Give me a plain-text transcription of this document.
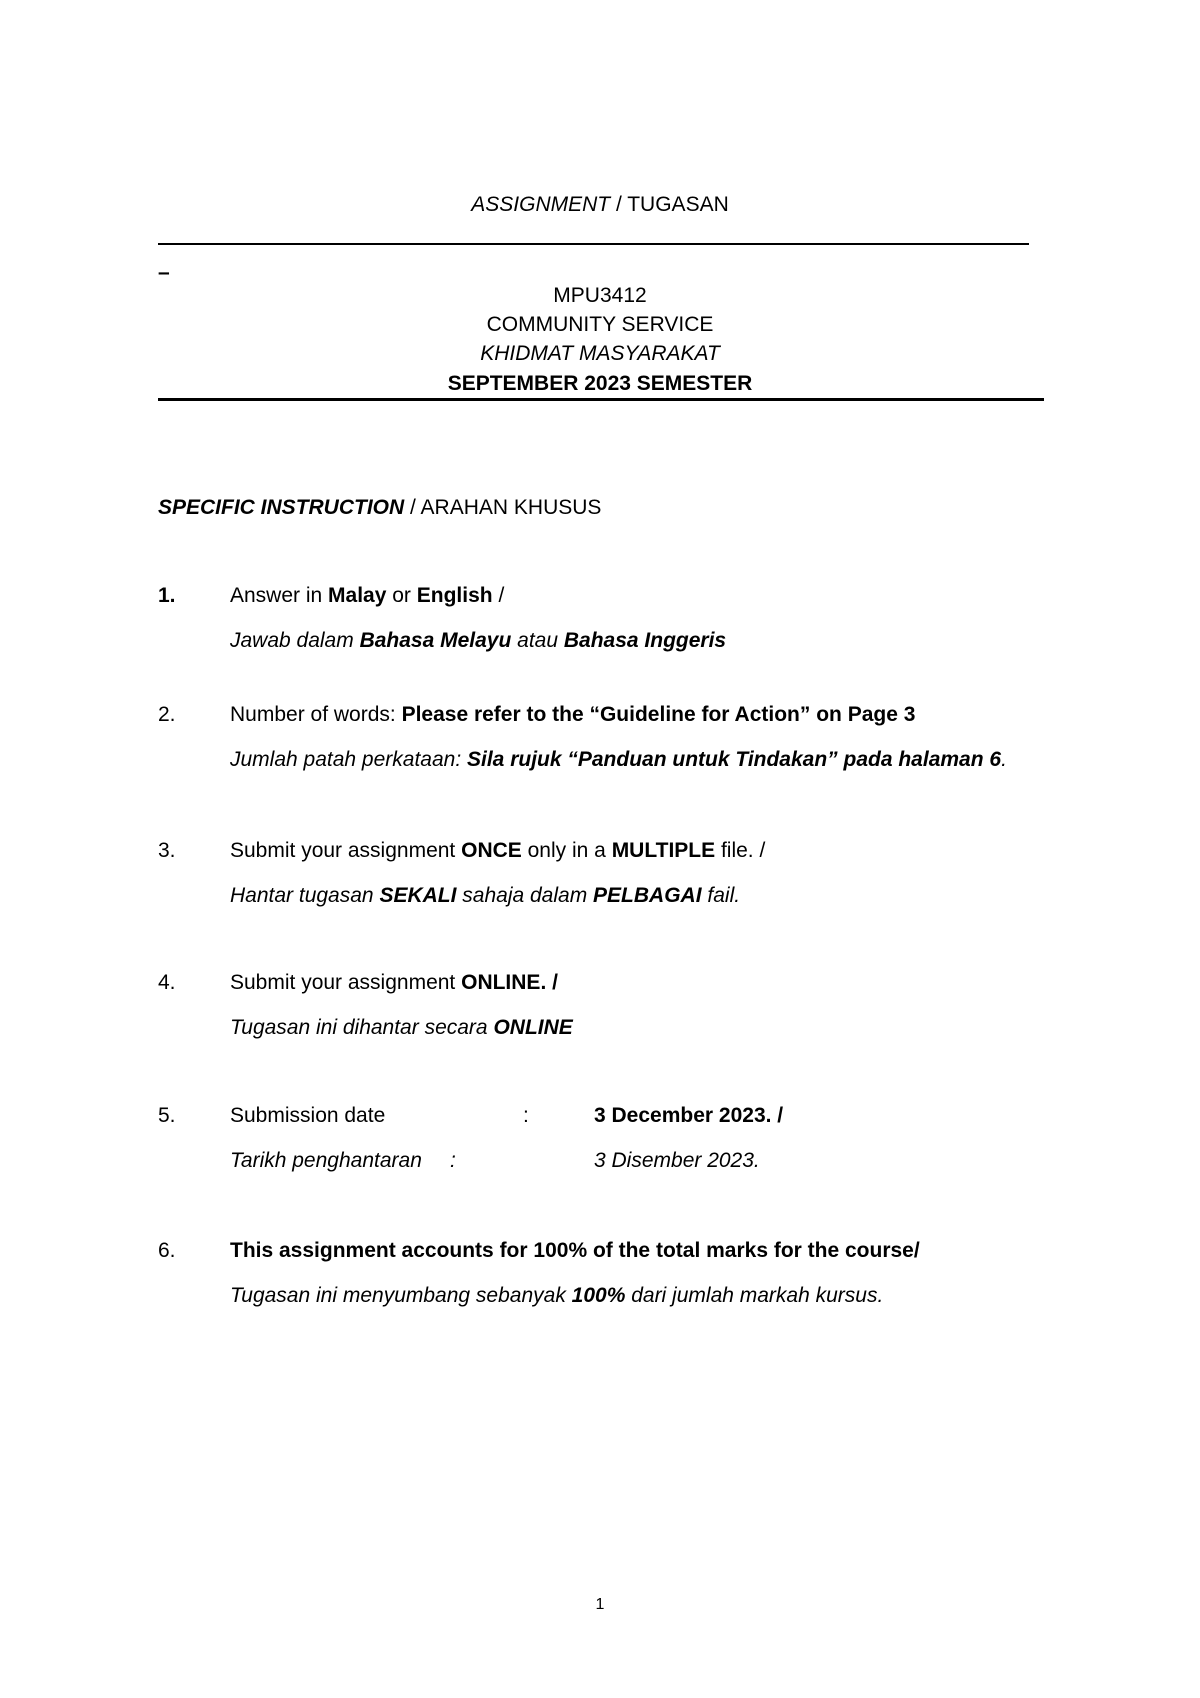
ASSIGNMENT / TUGASAN
–
MPU3412
COMMUNITY SERVICE
KHIDMAT MASYARAKAT
SEPTEMBER 2023 SEMESTER
SPECIFIC INSTRUCTION / ARAHAN KHUSUS
1.	Answer in Malay or English /
Jawab dalam Bahasa Melayu atau Bahasa Inggeris
2.	Number of words: Please refer to the “Guideline for Action” on Page 3
Jumlah patah perkataan: Sila rujuk “Panduan untuk Tindakan” pada halaman 6.
3.	Submit your assignment ONCE only in a MULTIPLE file. /
Hantar tugasan SEKALI sahaja dalam PELBAGAI fail.
4.	Submit your assignment ONLINE. /
Tugasan ini dihantar secara ONLINE
5.	Submission date	:	3 December 2023. /
Tarikh penghantaran :	3 Disember 2023.
6.	This assignment accounts for 100% of the total marks for the course/
Tugasan ini menyumbang sebanyak 100% dari jumlah markah kursus.
1
